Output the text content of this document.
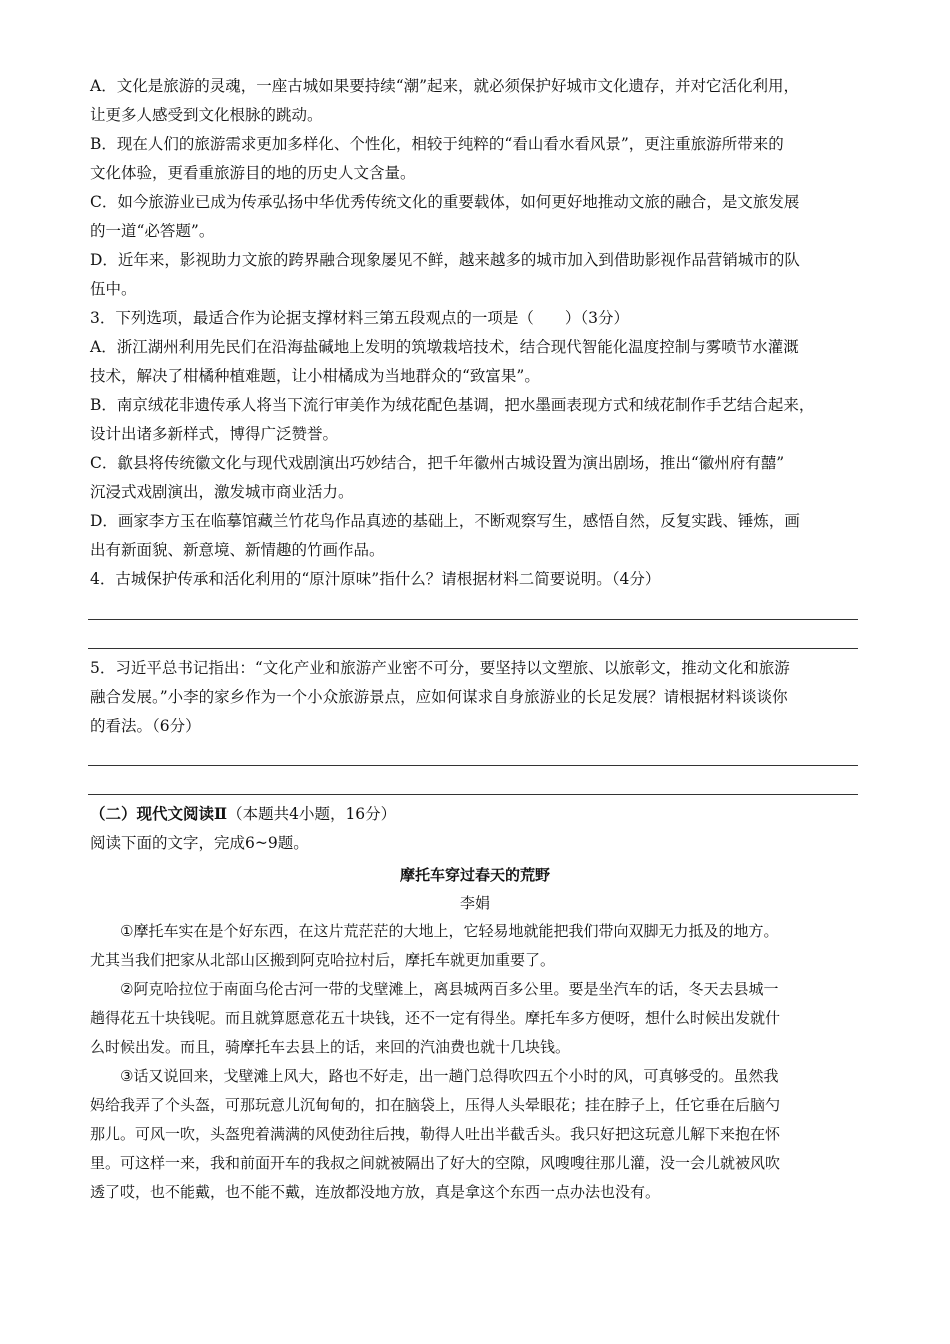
A．文化是旅游的灵魂，一座古城如果要持续“潮”起来，就必须保护好城市文化遗存，并对它活化利用，
让更多人感受到文化根脉的跳动。
B．现在人们的旅游需求更加多样化、个性化，相较于纯粹的“看山看水看风景”，更注重旅游所带来的
文化体验，更看重旅游目的地的历史人文含量。
C．如今旅游业已成为传承弘扬中华优秀传统文化的重要载体，如何更好地推动文旅的融合，是文旅发展
的一道“必答题”。
D．近年来，影视助力文旅的跨界融合现象屡见不鲜，越来越多的城市加入到借助影视作品营销城市的队
伍中。
3．下列选项，最适合作为论据支撑材料三第五段观点的一项是（　　）（3分）
A．浙江湖州利用先民们在沿海盐碱地上发明的筑墩栽培技术，结合现代智能化温度控制与雾喷节水灌溉
技术，解决了柑橘种植难题，让小柑橘成为当地群众的“致富果”。
B．南京绒花非遗传承人将当下流行审美作为绒花配色基调，把水墨画表现方式和绒花制作手艺结合起来，
设计出诸多新样式，博得广泛赞誉。
C．歙县将传统徽文化与现代戏剧演出巧妙结合，把千年徽州古城设置为演出剧场，推出“徽州府有囍”
沉浸式戏剧演出，激发城市商业活力。
D．画家李方玉在临摹馆藏兰竹花鸟作品真迹的基础上，不断观察写生，感悟自然，反复实践、锤炼，画
出有新面貌、新意境、新情趣的竹画作品。
4．古城保护传承和活化利用的“原汁原味”指什么？请根据材料二简要说明。（4分）
5．习近平总书记指出：“文化产业和旅游产业密不可分，要坚持以文塑旅、以旅彰文，推动文化和旅游
融合发展。”小李的家乡作为一个小众旅游景点，应如何谋求自身旅游业的长足发展？请根据材料谈谈你
的看法。（6分）
（二）现代文阅读Ⅱ（本题共4小题，16分）
阅读下面的文字，完成6~9题。
摩托车穿过春天的荒野
李娟
①摩托车实在是个好东西，在这片荒茫茫的大地上，它轻易地就能把我们带向双脚无力抵及的地方。
尤其当我们把家从北部山区搬到阿克哈拉村后，摩托车就更加重要了。
②阿克哈拉位于南面乌伦古河一带的戈壁滩上，离县城两百多公里。要是坐汽车的话，冬天去县城一
趟得花五十块钱呢。而且就算愿意花五十块钱，还不一定有得坐。摩托车多方便呀，想什么时候出发就什
么时候出发。而且，骑摩托车去县上的话，来回的汽油费也就十几块钱。
③话又说回来，戈壁滩上风大，路也不好走，出一趟门总得吹四五个小时的风，可真够受的。虽然我
妈给我弄了个头盔，可那玩意儿沉甸甸的，扣在脑袋上，压得人头晕眼花；挂在脖子上，任它垂在后脑勺
那儿。可风一吹，头盔兜着满满的风使劲往后拽，勒得人吐出半截舌头。我只好把这玩意儿解下来抱在怀
里。可这样一来，我和前面开车的我叔之间就被隔出了好大的空隙，风嗖嗖往那儿灌，没一会儿就被风吹
透了哎，也不能戴，也不能不戴，连放都没地方放，真是拿这个东西一点办法也没有。
